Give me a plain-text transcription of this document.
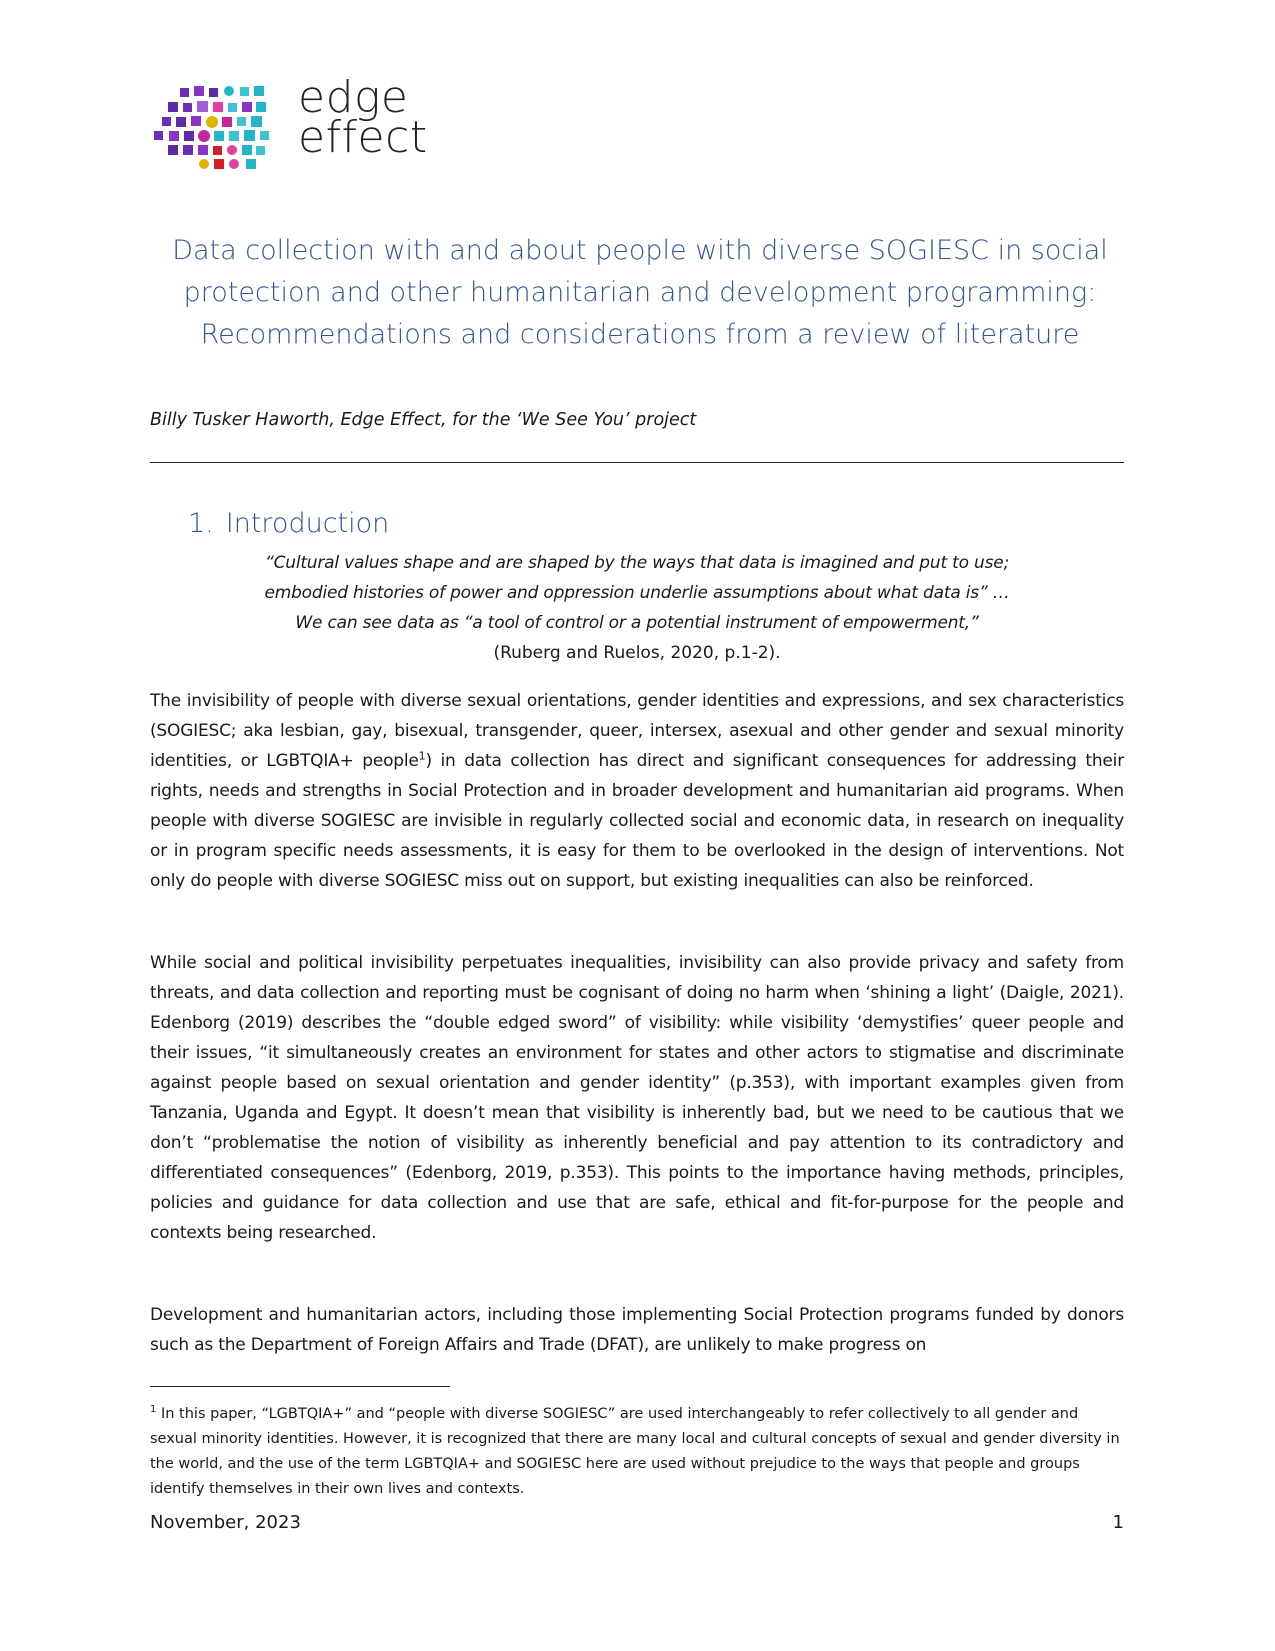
edge
effect
Data collection with and about people with diverse SOGIESC in social
protection and other humanitarian and development programming:
Recommendations and considerations from a review of literature
Billy Tusker Haworth, Edge Effect, for the ‘We See You’ project
1. Introduction
“Cultural values shape and are shaped by the ways that data is imagined and put to use;
embodied histories of power and oppression underlie assumptions about what data is” …
We can see data as “a tool of control or a potential instrument of empowerment,”
(Ruberg and Ruelos, 2020, p.1-2).
The invisibility of people with diverse sexual orientations, gender identities and expressions, and sex characteristics (SOGIESC; aka lesbian, gay, bisexual, transgender, queer, intersex, asexual and other gender and sexual minority identities, or LGBTQIA+ people$^1$) in data collection has direct and significant consequences for addressing their rights, needs and strengths in Social Protection and in broader development and humanitarian aid programs. When people with diverse SOGIESC are invisible in regularly collected social and economic data, in research on inequality or in program specific needs assessments, it is easy for them to be overlooked in the design of interventions. Not only do people with diverse SOGIESC miss out on support, but existing inequalities can also be reinforced.
While social and political invisibility perpetuates inequalities, invisibility can also provide privacy and safety from threats, and data collection and reporting must be cognisant of doing no harm when ‘shining a light’ (Daigle, 2021). Edenborg (2019) describes the “double edged sword” of visibility: while visibility ‘demystifies’ queer people and their issues, “it simultaneously creates an environment for states and other actors to stigmatise and discriminate against people based on sexual orientation and gender identity” (p.353), with important examples given from Tanzania, Uganda and Egypt. It doesn’t mean that visibility is inherently bad, but we need to be cautious that we don’t “problematise the notion of visibility as inherently beneficial and pay attention to its contradictory and differentiated consequences” (Edenborg, 2019, p.353). This points to the importance having methods, principles, policies and guidance for data collection and use that are safe, ethical and fit-for-purpose for the people and contexts being researched.
Development and humanitarian actors, including those implementing Social Protection programs funded by donors such as the Department of Foreign Affairs and Trade (DFAT), are unlikely to make progress on
$^1$ In this paper, “LGBTQIA+” and “people with diverse SOGIESC” are used interchangeably to refer collectively to all gender and sexual minority identities. However, it is recognized that there are many local and cultural concepts of sexual and gender diversity in the world, and the use of the term LGBTQIA+ and SOGIESC here are used without prejudice to the ways that people and groups identify themselves in their own lives and contexts.
November, 2023	1
